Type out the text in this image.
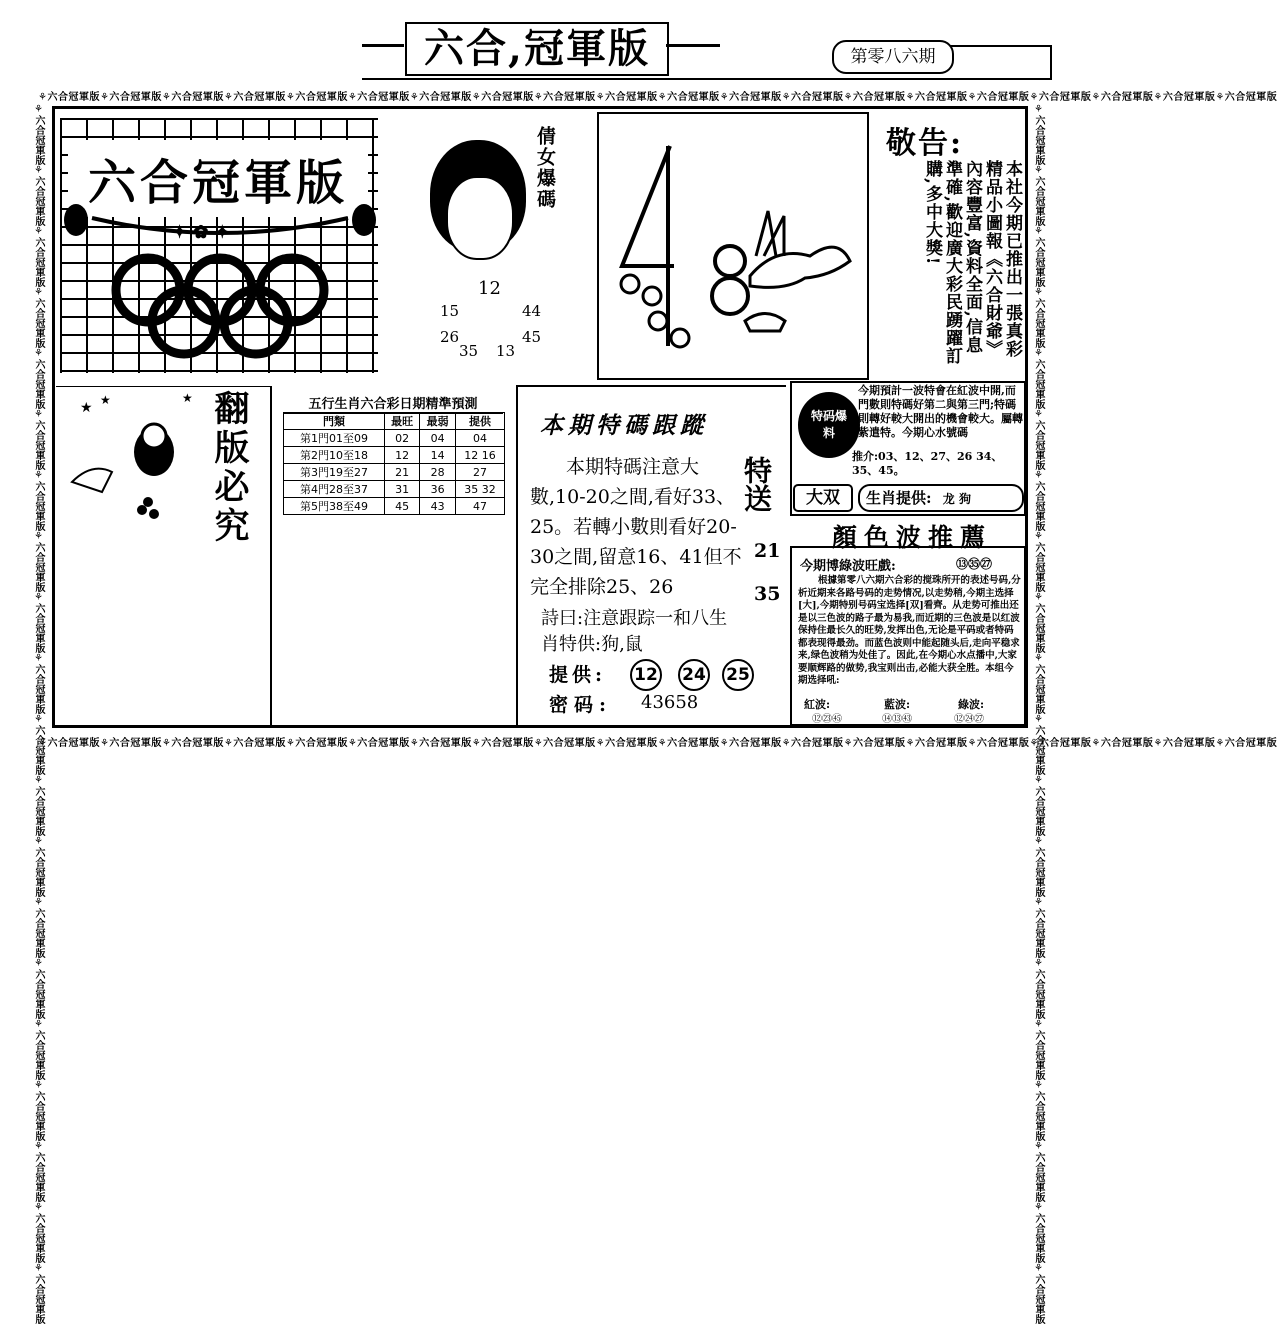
六合,冠軍版	第零八六期
⚘六合冠軍版⚘六合冠軍版⚘六合冠軍版⚘六合冠軍版⚘六合冠軍版⚘六合冠軍版⚘六合冠軍版⚘六合冠軍版⚘六合冠軍版⚘六合冠軍版⚘六合冠軍版⚘六合冠軍版⚘六合冠軍版⚘六合冠軍版⚘六合冠軍版⚘六合冠軍版⚘六合冠軍版⚘六合冠軍版⚘六合冠軍版⚘六合冠軍版
⚘六合冠軍版⚘六合冠軍版⚘六合冠軍版⚘六合冠軍版⚘六合冠軍版⚘六合冠軍版⚘六合冠軍版⚘六合冠軍版⚘六合冠軍版⚘六合冠軍版⚘六合冠軍版⚘六合冠軍版⚘六合冠軍版⚘六合冠軍版⚘六合冠軍版⚘六合冠軍版⚘六合冠軍版⚘六合冠軍版⚘六合冠軍版⚘六合冠軍版
⚘六合冠軍版⚘六合冠軍版⚘六合冠軍版⚘六合冠軍版⚘六合冠軍版⚘六合冠軍版⚘六合冠軍版⚘六合冠軍版⚘六合冠軍版⚘六合冠軍版⚘六合冠軍版⚘六合冠軍版⚘六合冠軍版⚘六合冠軍版⚘六合冠軍版⚘六合冠軍版⚘六合冠軍版⚘六合冠軍版⚘六合冠軍版⚘六合冠軍版	⚘六合冠軍版⚘六合冠軍版⚘六合冠軍版⚘六合冠軍版⚘六合冠軍版⚘六合冠軍版⚘六合冠軍版⚘六合冠軍版⚘六合冠軍版⚘六合冠軍版⚘六合冠軍版⚘六合冠軍版⚘六合冠軍版⚘六合冠軍版⚘六合冠軍版⚘六合冠軍版⚘六合冠軍版⚘六合冠軍版⚘六合冠軍版⚘六合冠軍版
六合冠軍版
✦ ✿ ✦
倩女爆碼
12
15	44
26	45
35 13
敬告:
本社今期已推出一張真彩精品小圖報《六合財爺》內容豐富,資料全面,信息準確,歡迎廣大彩民踴躍訂購,多中大獎!
★ ★	★ 翻版必究	五行生肖六合彩日期精準預測
門類	最旺	最弱	提供
第1門01至09	02	04	04
第2門10至18	12	14	12 16
第3門19至27	21	28	27
第4門28至37	31	36	35 32
第5門38至49	45	43	47
本期特碼跟蹤
本期特碼注意大數,10-20之間,看好33、25。若轉小數則看好20-30之間,留意16、41但不完全排除25、26
特送
21
35
詩曰:注意跟踪一和八生肖特供:狗,鼠
提供: 12 24 25
密码: 43658
特码爆料
今期預計一波特會在紅波中開,而門數則特碼好第二與第三門;特碼則轉好較大開出的機會較大。屬轉紫遣特。今期心水號碼
推介:03、12、27、26 34、35、45。
大双	生肖提供: 龙 狗
顏色波推薦
今期博綠波旺戲:	⑬㉟㉗
根據第零八六期六合彩的搅珠所开的表述号码,分析近期来各路号码的走势情况,以走势稍,今期主选择[大],今期特别号码宝选择[双]看齊。从走势可推出还是以三色波的路子最为易我,而近期的三色波是以红波保持住最长久的旺势,发挥出色,无论是平码或者特码都表现得最劲。而蓝色波则中能起随头后,走向平稳求来,绿色波稍为处佳了。因此,在今期心水点播中,大家要顺辉路的做势,我宝则出击,必能大获全胜。本组今期选择吼:
紅波:
⑫㉓㊺
藍波:
⑭⑬㊸
綠波:
⑫㉔㉗
